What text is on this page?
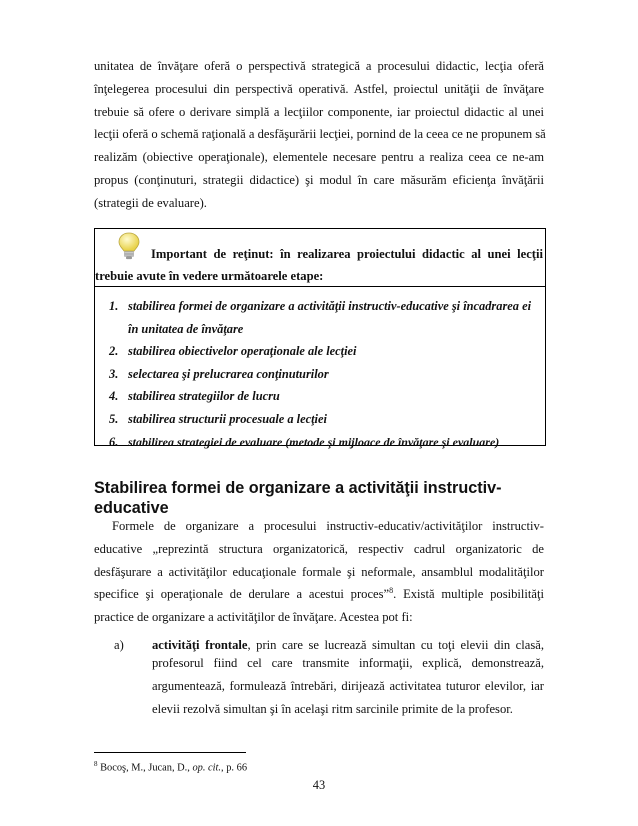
unitatea de învăţare oferă o perspectivă strategică a procesului didactic, lecţia oferă
înţelegerea procesului din perspectivă operativă. Astfel, proiectul unităţii de învăţare
trebuie să ofere o derivare simplă a lecţiilor componente, iar proiectul didactic al unei
lecţii oferă o schemă raţională a desfăşurării lecţiei, pornind de la ceea ce ne propunem să
realizăm (obiective operaţionale), elementele necesare pentru a realiza ceea ce ne-am
propus (conţinuturi, strategii didactice) şi modul în care măsurăm eficienţa învăţării
(strategii de evaluare).
Important de reţinut: în realizarea proiectului didactic al unei lecţii
trebuie avute în vedere următoarele etape:
1. stabilirea formei de organizare a activităţii instructiv-educative şi încadrarea ei
în unitatea de învăţare
2. stabilirea obiectivelor operaţionale ale lecţiei
3. selectarea şi prelucrarea conţinuturilor
4. stabilirea strategiilor de lucru
5. stabilirea structurii procesuale a lecţiei
6. stabilirea strategiei de evaluare (metode şi mijloace de învăţare şi evaluare)
Stabilirea formei de organizare a activităţii instructiv-
educative
Formele de organizare a procesului instructiv-educativ/activităţilor instructiv-
educative „reprezintă structura organizatorică, respectiv cadrul organizatoric de
desfăşurare a activităţilor educaţionale formale şi neformale, ansamblul modalităţilor
specifice şi operaţionale de derulare a acestui proces”$^8$. Există multiple posibilităţi
practice de organizare a activităţilor de învăţare. Acestea pot fi:
a) activităţi frontale, prin care se lucrează simultan cu toţi elevii din clasă,
profesorul fiind cel care transmite informaţii, explică, demonstrează,
argumentează, formulează întrebări, dirijează activitatea tuturor elevilor, iar
elevii rezolvă simultan şi în acelaşi ritm sarcinile primite de la profesor.
$^8$ Bocoş, M., Jucan, D., op. cit., p. 66
43
